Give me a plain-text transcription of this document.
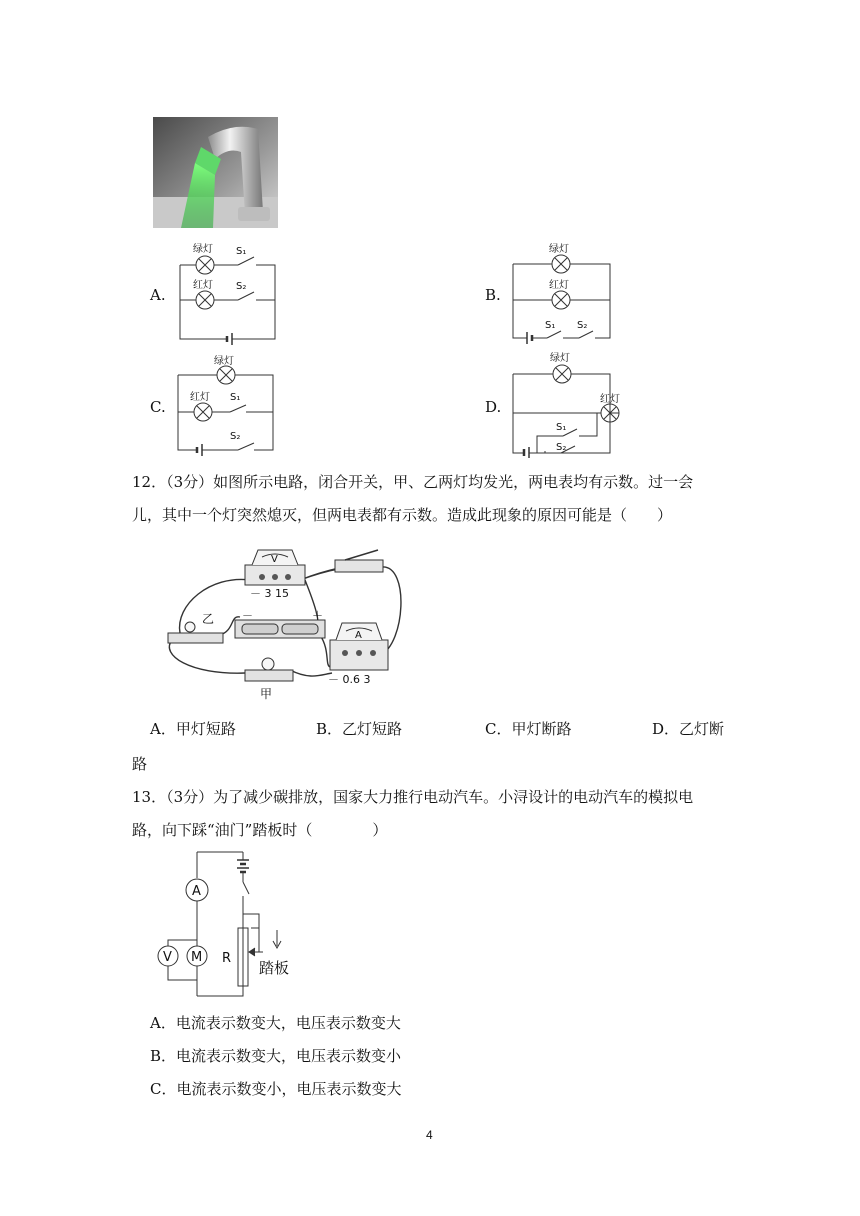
A.
绿灯
红灯
S₁
S₂	B.
绿灯
红灯
S₁ S₂
C.
绿灯
红灯 S₁
S₂
D.
绿灯
红灯
S₁
S₂
12．（3分）如图所示电路，闭合开关，甲、乙两灯均发光，两电表均有示数。过一会
儿，其中一个灯突然熄灭，但两电表都有示数。造成此现象的原因可能是（　　）
V
－ 3 15
－	＋
乙
甲
A
－ 0.6 3
A．甲灯短路	B．乙灯短路	C．甲灯断路	D．乙灯断
路
13．（3分）为了减少碳排放，国家大力推行电动汽车。小浔设计的电动汽车的模拟电
路，向下踩“油门”踏板时（　　　　）
A
V M R
踏板
A．电流表示数变大，电压表示数变大
B．电流表示数变大，电压表示数变小
C．电流表示数变小，电压表示数变大
4
